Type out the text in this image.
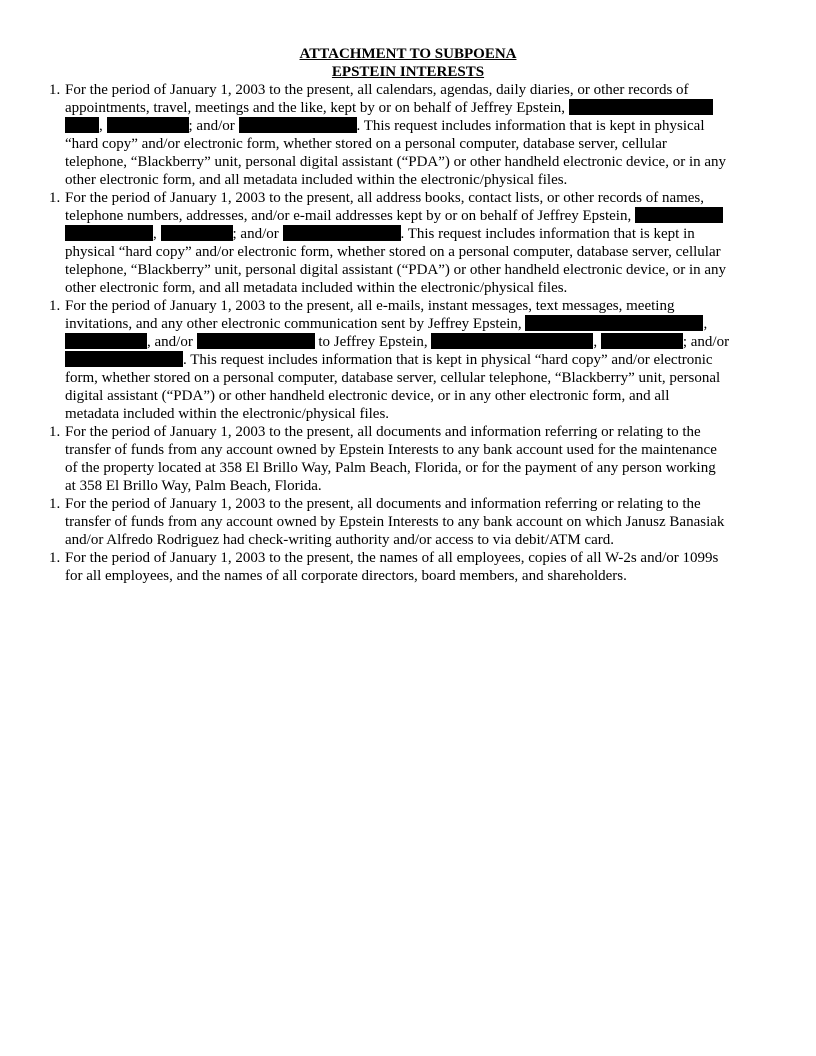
ATTACHMENT TO SUBPOENA
EPSTEIN INTERESTS
1. For the period of January 1, 2003 to the present, all calendars, agendas, daily diaries, or other records of
appointments, travel, meetings and the like, kept by or on behalf of Jeffrey Epstein,
,	; and/or	. This request includes information that is kept in physical
“hard copy” and/or electronic form, whether stored on a personal computer, database server, cellular
telephone, “Blackberry” unit, personal digital assistant (“PDA”) or other handheld electronic device, or in any
other electronic form, and all metadata included within the electronic/physical files.
1. For the period of January 1, 2003 to the present, all address books, contact lists, or other records of names,
telephone numbers, addresses, and/or e-mail addresses kept by or on behalf of Jeffrey Epstein,
,	; and/or	. This request includes information that is kept in
physical “hard copy” and/or electronic form, whether stored on a personal computer, database server, cellular
telephone, “Blackberry” unit, personal digital assistant (“PDA”) or other handheld electronic device, or in any
other electronic form, and all metadata included within the electronic/physical files.
1. For the period of January 1, 2003 to the present, all e-mails, instant messages, text messages, meeting
invitations, and any other electronic communication sent by Jeffrey Epstein,	,
, and/or	to Jeffrey Epstein,	,	; and/or
. This request includes information that is kept in physical “hard copy” and/or electronic
form, whether stored on a personal computer, database server, cellular telephone, “Blackberry” unit, personal
digital assistant (“PDA”) or other handheld electronic device, or in any other electronic form, and all
metadata included within the electronic/physical files.
1. For the period of January 1, 2003 to the present, all documents and information referring or relating to the
transfer of funds from any account owned by Epstein Interests to any bank account used for the maintenance
of the property located at 358 El Brillo Way, Palm Beach, Florida, or for the payment of any person working
at 358 El Brillo Way, Palm Beach, Florida.
1. For the period of January 1, 2003 to the present, all documents and information referring or relating to the
transfer of funds from any account owned by Epstein Interests to any bank account on which Janusz Banasiak
and/or Alfredo Rodriguez had check-writing authority and/or access to via debit/ATM card.
1. For the period of January 1, 2003 to the present, the names of all employees, copies of all W-2s and/or 1099s
for all employees, and the names of all corporate directors, board members, and shareholders.
